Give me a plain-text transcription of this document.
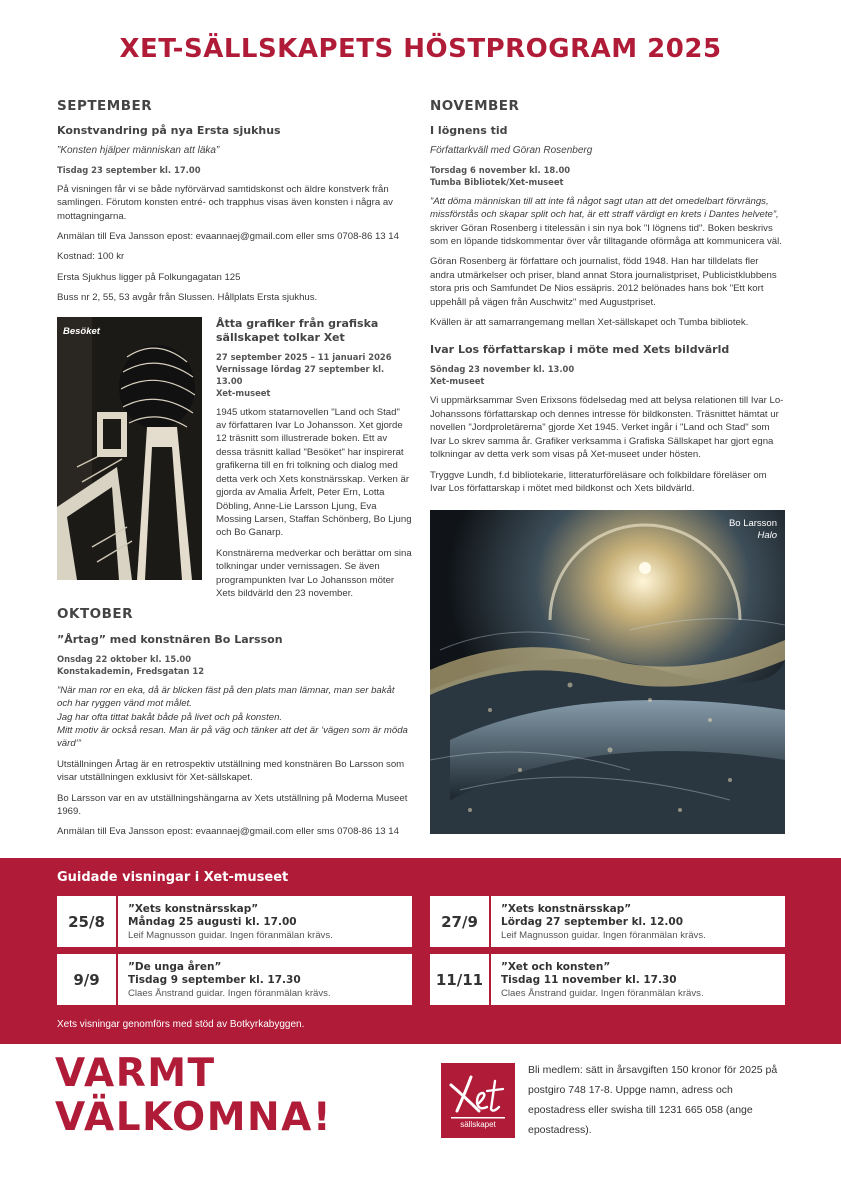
XET-SÄLLSKAPETS HÖSTPROGRAM 2025
SEPTEMBER
Konstvandring på nya Ersta sjukhus
”Konsten hjälper människan att läka”
Tisdag 23 september kl. 17.00
På visningen får vi se både nyförvärvad samtidskonst och äldre konstverk från samlingen. Förutom konsten entré- och trapphus visas även konsten i några av mottagningarna.
Anmälan till Eva Jansson epost: evaannaej@gmail.com eller sms 0708-86 13 14
Kostnad: 100 kr
Ersta Sjukhus ligger på Folkungagatan 125
Buss nr 2, 55, 53 avgår från Slussen. Hållplats Ersta sjukhus.
Besöket
Åtta grafiker från grafiska sällskapet tolkar Xet
27 september 2025 – 11 januari 2026
Vernissage lördag 27 september kl. 13.00
Xet-museet
1945 utkom statarnovellen "Land och Stad" av författaren Ivar Lo Johansson. Xet gjorde 12 träsnitt som illustrerade boken. Ett av dessa träsnitt kallad "Besöket" har inspirerat grafikerna till en fri tolkning och dialog med detta verk och Xets konstnärsskap. Verken är gjorda av Amalia Årfelt, Peter Ern, Lotta Döbling, Anne-Lie Larsson Ljung, Eva Mossing Larsen, Staffan Schönberg, Bo Ljung och Bo Ganarp.
Konstnärerna medverkar och berättar om sina tolkningar under vernissagen. Se även programpunkten Ivar Lo Johansson möter Xets bildvärld den 23 november.
OKTOBER
”Årtag” med konstnären Bo Larsson
Onsdag 22 oktober kl. 15.00
Konstakademin, Fredsgatan 12
”När man ror en eka, då är blicken fäst på den plats man lämnar, man ser bakåt och har ryggen vänd mot målet.
Jag har ofta tittat bakåt både på livet och på konsten.
Mitt motiv är också resan. Man är på väg och tänker att det är ’vägen som är möda värd’”
Utställningen Årtag är en retrospektiv utställning med konstnären Bo Larsson som visar utställningen exklusivt för Xet-sällskapet.
Bo Larsson var en av utställningshängarna av Xets utställning på Moderna Museet 1969.
Anmälan till Eva Jansson epost: evaannaej@gmail.com eller sms 0708-86 13 14
NOVEMBER
I lögnens tid
Författarkväll med Göran Rosenberg
Torsdag 6 november kl. 18.00
Tumba Bibliotek/Xet-museet
”Att döma människan till att inte få något sagt utan att det omedelbart förvrängs, missförstås och skapar split och hat, är ett straff värdigt en krets i Dantes helvete”, skriver Göran Rosenberg i titelessän i sin nya bok "I lögnens tid". Boken beskrivs som en löpande tidskommentar över vår tilltagande oförmåga att kommunicera väl.
Göran Rosenberg är författare och journalist, född 1948. Han har tilldelats fler andra utmärkelser och priser, bland annat Stora journalistpriset, Publicistklubbens stora pris och Samfundet De Nios essäpris. 2012 belönades hans bok "Ett kort uppehåll på vägen från Auschwitz" med Augustpriset.
Kvällen är att samarrangemang mellan Xet-sällskapet och Tumba bibliotek.
Ivar Los författarskap i möte med Xets bildvärld
Söndag 23 november kl. 13.00
Xet-museet
Vi uppmärksammar Sven Erixsons födelsedag med att belysa relationen till Ivar Lo-Johanssons författarskap och dennes intresse för bildkonsten. Träsnittet hämtat ur novellen "Jordproletärerna" gjorde Xet 1945. Verket ingår i "Land och Stad" som Ivar Lo skrev samma år. Grafiker verksamma i Grafiska Sällskapet har gjort egna tolkningar av detta verk som visas på Xet-museet under hösten.
Tryggve Lundh, f.d bibliotekarie, litteraturföreläsare och folkbildare föreläser om Ivar Los författarskap i mötet med bildkonst och Xets bildvärld.
Bo Larsson
Halo
Guidade visningar i Xet-museet
25/8
”Xets konstnärsskap”
Måndag 25 augusti kl. 17.00
Leif Magnusson guidar. Ingen föranmälan krävs.
9/9
”De unga åren”
Tisdag 9 september kl. 17.30
Claes Ånstrand guidar. Ingen föranmälan krävs.
27/9
”Xets konstnärsskap”
Lördag 27 september kl. 12.00
Leif Magnusson guidar. Ingen föranmälan krävs.
11/11
”Xet och konsten”
Tisdag 11 november kl. 17.30
Claes Ånstrand guidar. Ingen föranmälan krävs.
Xets visningar genomförs med stöd av Botkyrkabyggen.
VARMT
VÄLKOMNA!	sällskapet
Bli medlem: sätt in årsavgiften 150 kronor för 2025 på postgiro 748 17-8. Uppge namn, adress och epostadress eller swisha till 1231 665 058 (ange epostadress).
